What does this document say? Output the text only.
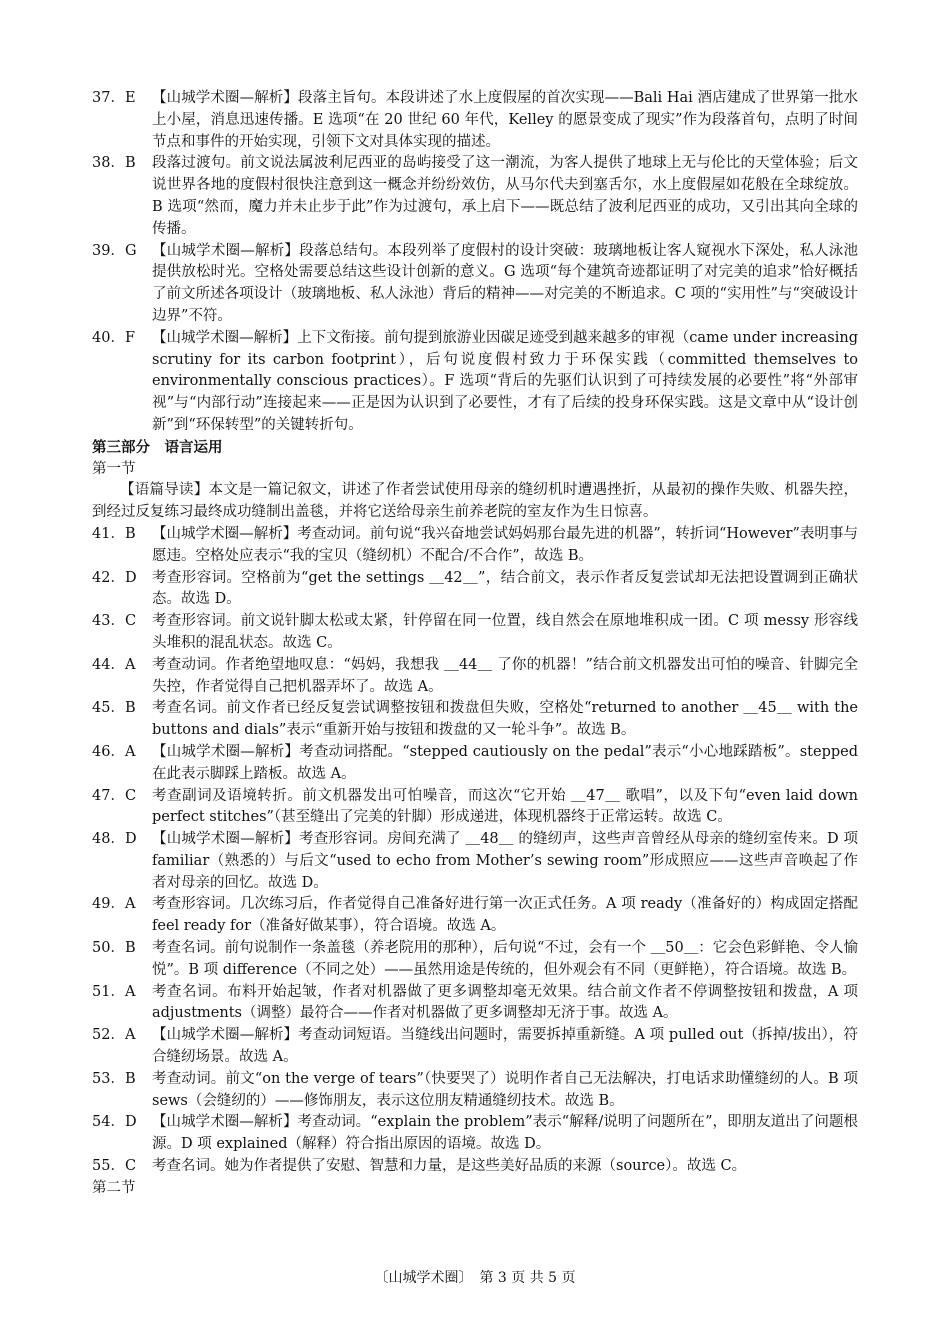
37．E	【山城学术圈—解析】段落主旨句。本段讲述了水上度假屋的首次实现——Bali Hai 酒店建成了世界第一批水上小屋，消息迅速传播。E 选项“在 20 世纪 60 年代，Kelley 的愿景变成了现实”作为段落首句，点明了时间节点和事件的开始实现，引领下文对具体实现的描述。
38．B	段落过渡句。前文说法属波利尼西亚的岛屿接受了这一潮流，为客人提供了地球上无与伦比的天堂体验；后文说世界各地的度假村很快注意到这一概念并纷纷效仿，从马尔代夫到塞舌尔，水上度假屋如花般在全球绽放。B 选项“然而，魔力并未止步于此”作为过渡句，承上启下——既总结了波利尼西亚的成功，又引出其向全球的传播。
39．G	【山城学术圈—解析】段落总结句。本段列举了度假村的设计突破：玻璃地板让客人窥视水下深处，私人泳池提供放松时光。空格处需要总结这些设计创新的意义。G 选项“每个建筑奇迹都证明了对完美的追求”恰好概括了前文所述各项设计（玻璃地板、私人泳池）背后的精神——对完美的不断追求。C 项的“实用性”与“突破设计边界”不符。
40．F	【山城学术圈—解析】上下文衔接。前句提到旅游业因碳足迹受到越来越多的审视（came under increasing scrutiny for its carbon footprint），后句说度假村致力于环保实践（committed themselves to environmentally conscious practices）。F 选项“背后的先驱们认识到了可持续发展的必要性”将“外部审视”与“内部行动”连接起来——正是因为认识到了必要性，才有了后续的投身环保实践。这是文章中从“设计创新”到“环保转型”的关键转折句。

第三部分　语言运用

第一节

【语篇导读】本文是一篇记叙文，讲述了作者尝试使用母亲的缝纫机时遭遇挫折，从最初的操作失败、机器失控，到经过反复练习最终成功缝制出盖毯，并将它送给母亲生前养老院的室友作为生日惊喜。

41．B	【山城学术圈—解析】考查动词。前句说“我兴奋地尝试妈妈那台最先进的机器”，转折词“However”表明事与愿违。空格处应表示“我的宝贝（缝纫机）不配合/不合作”，故选 B。
42．D	考查形容词。空格前为“get the settings ＿42＿”，结合前文，表示作者反复尝试却无法把设置调到正确状态。故选 D。
43．C	考查形容词。前文说针脚太松或太紧，针停留在同一位置，线自然会在原地堆积成一团。C 项 messy 形容线头堆积的混乱状态。故选 C。
44．A	考查动词。作者绝望地叹息：“妈妈，我想我 ＿44＿ 了你的机器！”结合前文机器发出可怕的噪音、针脚完全失控，作者觉得自己把机器弄坏了。故选 A。
45．B	考查名词。前文作者已经反复尝试调整按钮和拨盘但失败，空格处“returned to another ＿45＿ with the buttons and dials”表示“重新开始与按钮和拨盘的又一轮斗争”。故选 B。
46．A	【山城学术圈—解析】考查动词搭配。“stepped cautiously on the pedal”表示“小心地踩踏板”。stepped 在此表示脚踩上踏板。故选 A。
47．C	考查副词及语境转折。前文机器发出可怕噪音，而这次“它开始 ＿47＿ 歌唱”，以及下句“even laid down perfect stitches”（甚至缝出了完美的针脚）形成递进，体现机器终于正常运转。故选 C。
48．D	【山城学术圈—解析】考查形容词。房间充满了 ＿48＿ 的缝纫声，这些声音曾经从母亲的缝纫室传来。D 项 familiar（熟悉的）与后文“used to echo from Mother’s sewing room”形成照应——这些声音唤起了作者对母亲的回忆。故选 D。
49．A	考查形容词。几次练习后，作者觉得自己准备好进行第一次正式任务。A 项 ready（准备好的）构成固定搭配 feel ready for（准备好做某事），符合语境。故选 A。
50．B	考查名词。前句说制作一条盖毯（养老院用的那种），后句说“不过，会有一个 ＿50＿：它会色彩鲜艳、令人愉悦”。B 项 difference（不同之处）——虽然用途是传统的，但外观会有不同（更鲜艳），符合语境。故选 B。
51．A	考查名词。布料开始起皱，作者对机器做了更多调整却毫无效果。结合前文作者不停调整按钮和拨盘，A 项 adjustments（调整）最符合——作者对机器做了更多调整却无济于事。故选 A。
52．A	【山城学术圈—解析】考查动词短语。当缝线出问题时，需要拆掉重新缝。A 项 pulled out（拆掉/拔出），符合缝纫场景。故选 A。
53．B	考查动词。前文“on the verge of tears”（快要哭了）说明作者自己无法解决，打电话求助懂缝纫的人。B 项 sews（会缝纫的）——修饰朋友，表示这位朋友精通缝纫技术。故选 B。
54．D	【山城学术圈—解析】考查动词。“explain the problem”表示“解释/说明了问题所在”，即朋友道出了问题根源。D 项 explained（解释）符合指出原因的语境。故选 D。
55．C	考查名词。她为作者提供了安慰、智慧和力量，是这些美好品质的来源（source）。故选 C。

第二节

〔山城学术圈〕　第 3 页 共 5 页
